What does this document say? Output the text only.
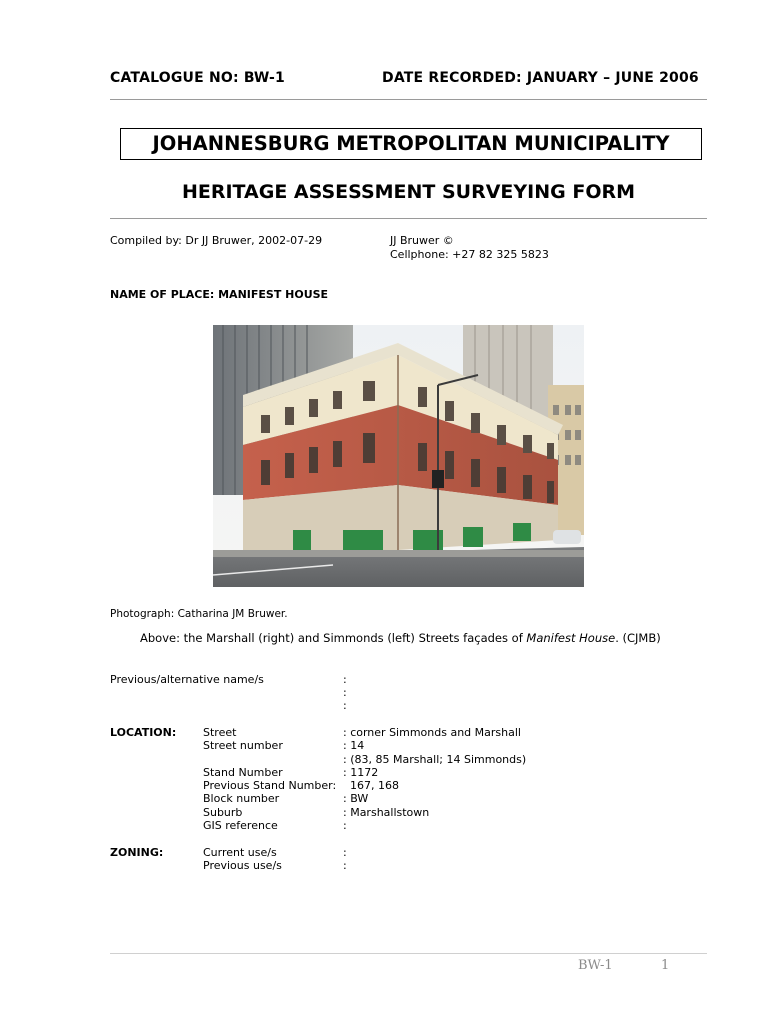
CATALOGUE NO: BW-1	DATE RECORDED: JANUARY – JUNE 2006
JOHANNESBURG METROPOLITAN MUNICIPALITY
HERITAGE ASSESSMENT SURVEYING FORM
Compiled by: Dr JJ Bruwer, 2002-07-29	JJ Bruwer ©
Cellphone: +27 82 325 5823
NAME OF PLACE: MANIFEST HOUSE
Photograph: Catharina JM Bruwer.
Above: the Marshall (right) and Simmonds (left) Streets façades of Manifest House. (CJMB)
Previous/alternative name/s	:
:
:
LOCATION: Street	: corner Simmonds and Marshall
Street number	: 14
: (83, 85 Marshall; 14 Simmonds)
Stand Number	: 1172
Previous Stand Number: 167, 168
Block number	: BW
Suburb	: Marshallstown
GIS reference	:
ZONING:	Current use/s	:
Previous use/s	:
BW-1	1
